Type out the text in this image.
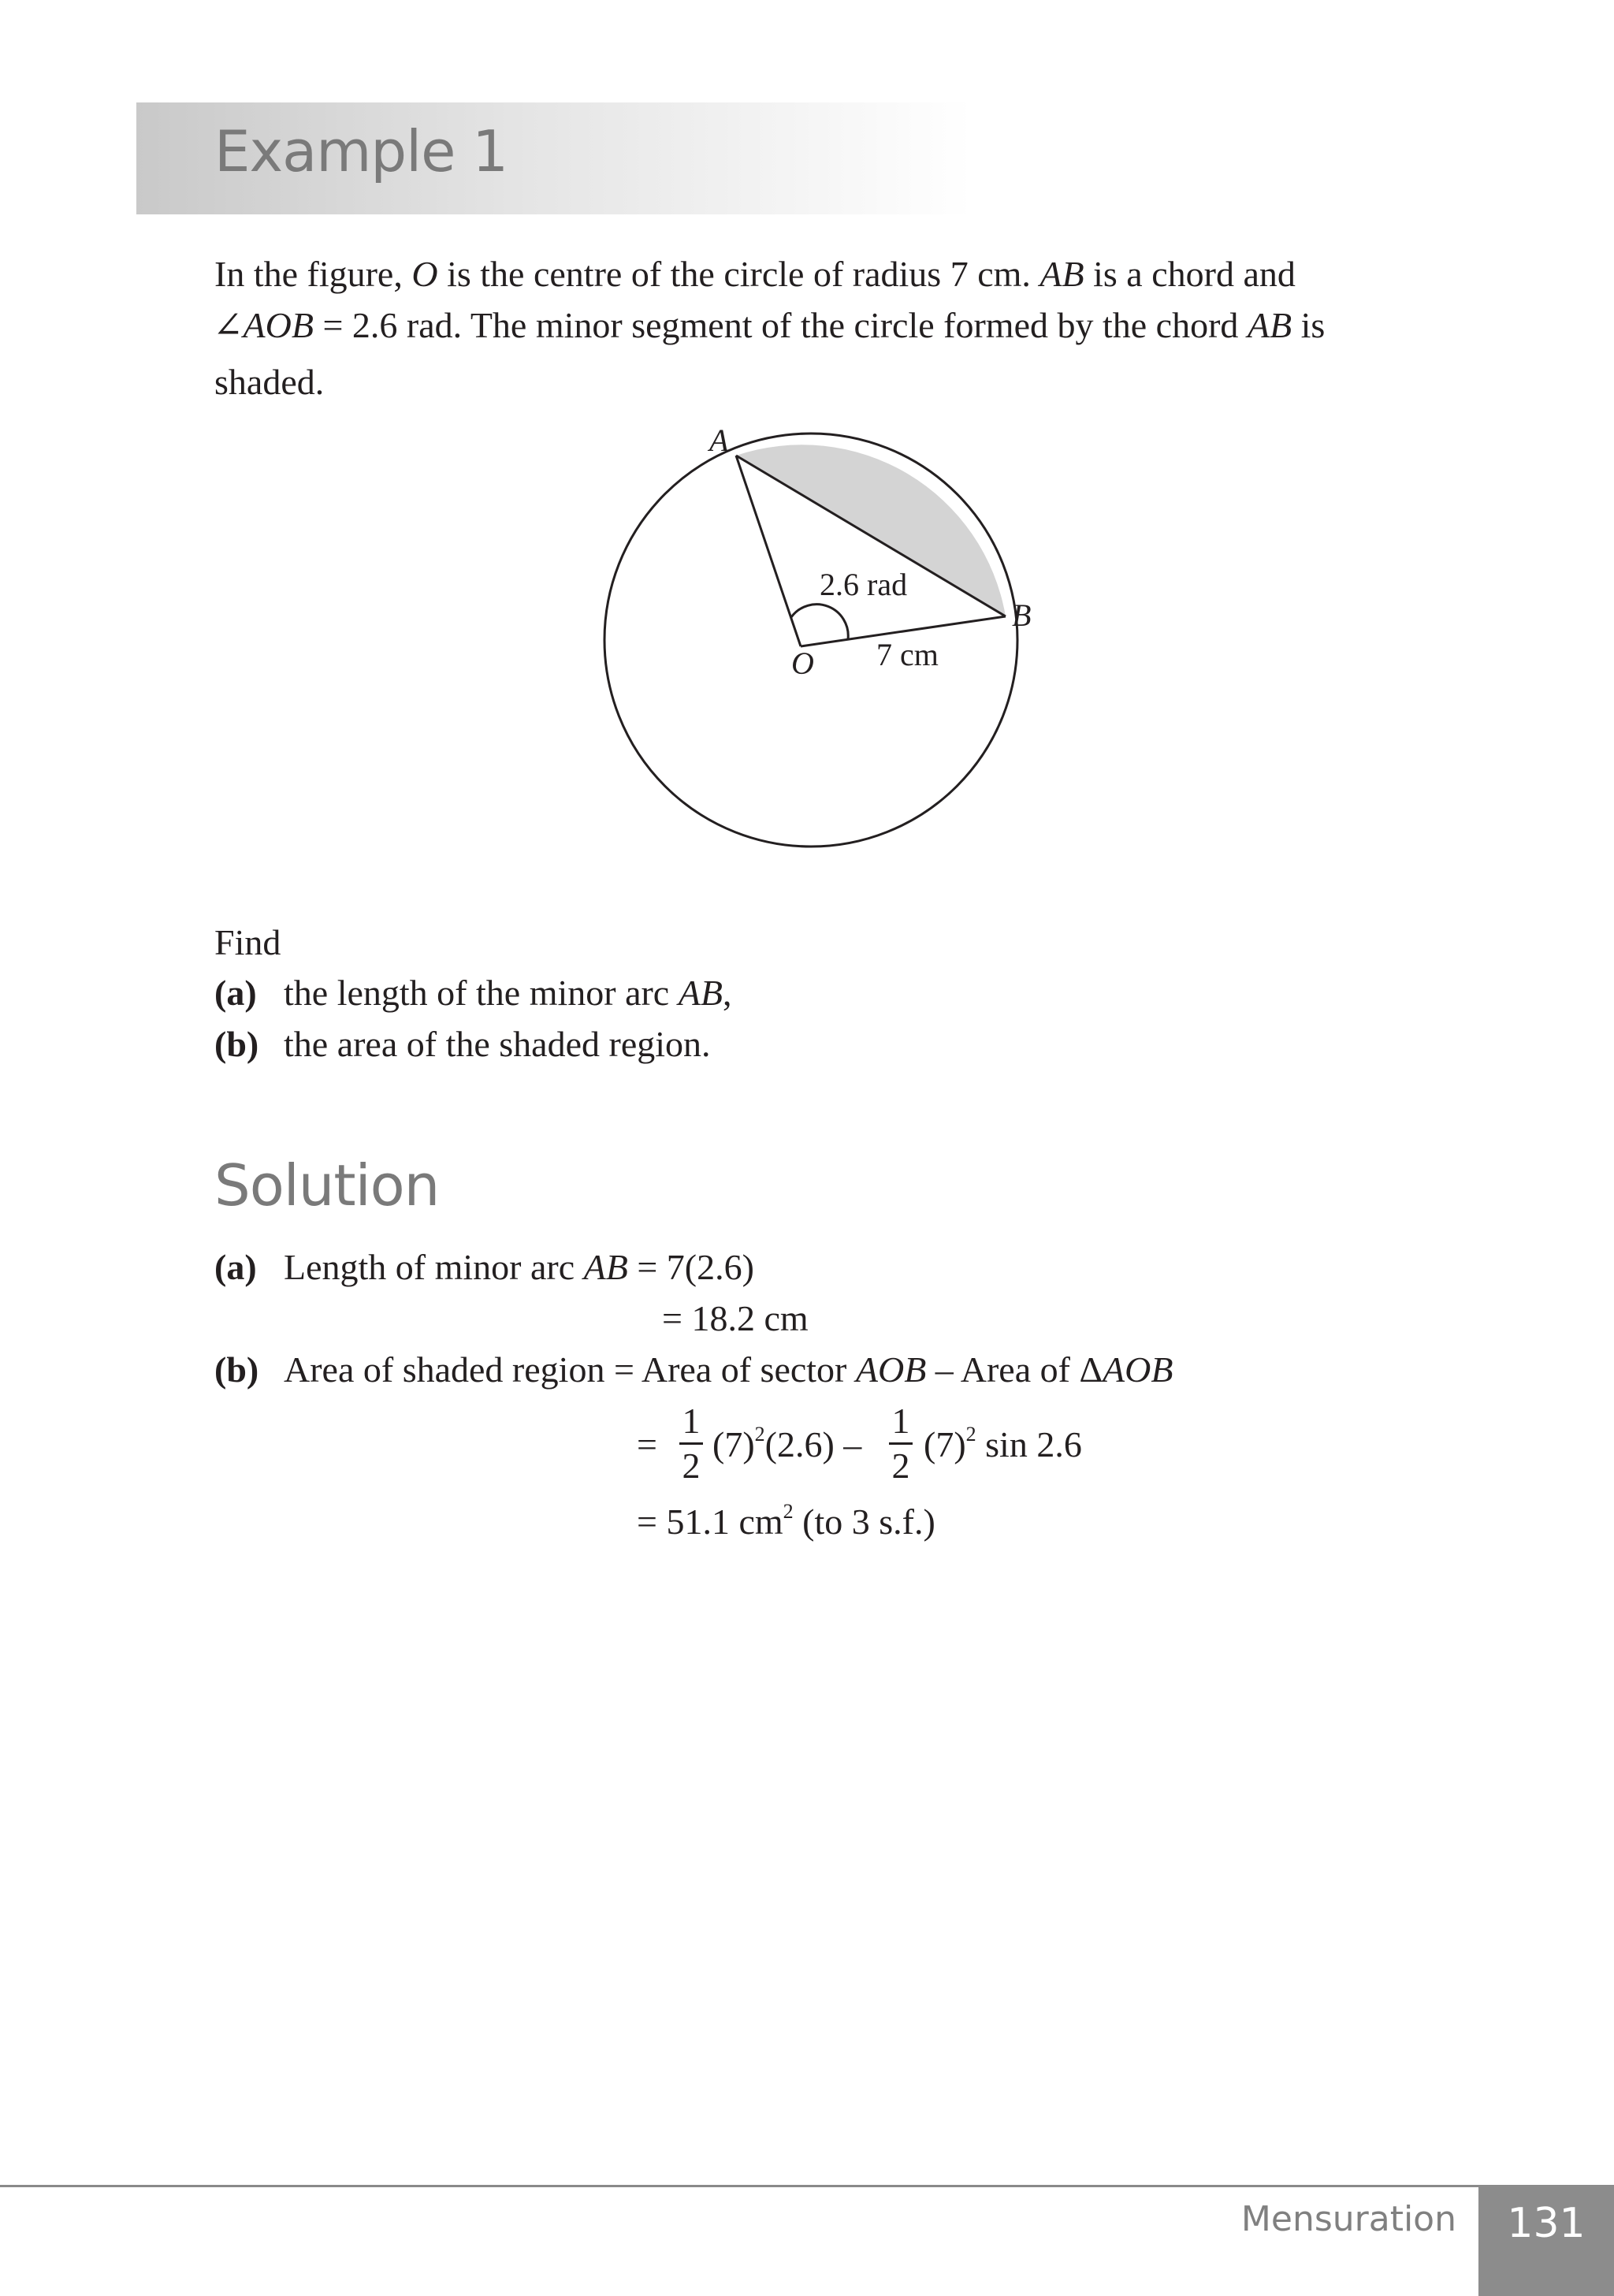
Example 1
In the figure, O is the centre of the circle of radius 7 cm. AB is a chord and
∠AOB = 2.6 rad. The minor segment of the circle formed by the chord AB is
shaded.
A
B
O
2.6 rad
7 cm
Find
(a) the length of the minor arc AB,
(b) the area of the shaded region.
Solution
(a) Length of minor arc AB = 7(2.6)
= 18.2 cm
(b) Area of shaded region = Area of sector AOB – Area of ΔAOB
=
1
2
$(7)^2(2.6)$ –
1
2
$(7)^2$ sin 2.6
= 51.1 $cm^2$ (to 3 s.f.)
Mensuration	131
